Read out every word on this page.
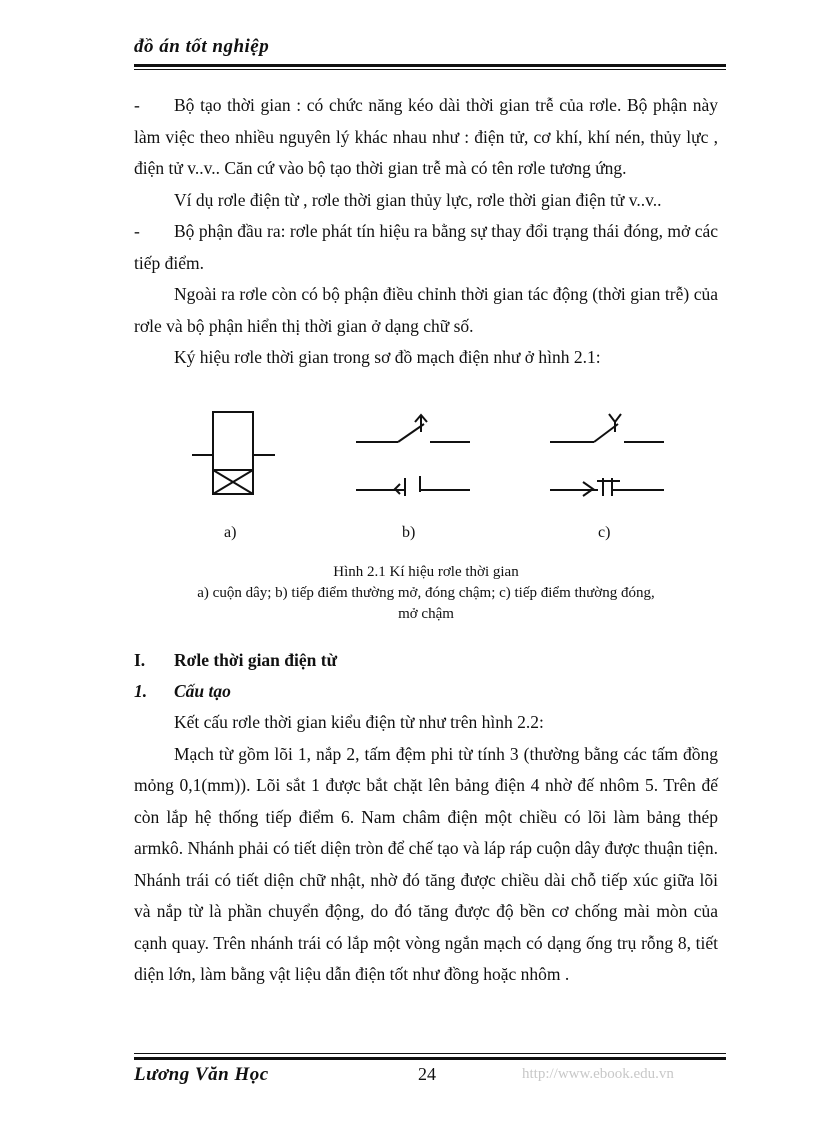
đồ án tốt nghiệp

- Bộ tạo thời gian : có chức năng kéo dài thời gian trễ của rơle. Bộ phận này làm việc theo nhiều nguyên lý khác nhau như : điện tử, cơ khí, khí nén, thủy lực , điện tử v..v.. Căn cứ vào bộ tạo thời gian trễ mà có tên rơle tương ứng.

Ví dụ rơle điện từ , rơle thời gian thủy lực, rơle thời gian điện tử v..v..

- Bộ phận đầu ra: rơle phát tín hiệu ra bằng sự thay đổi trạng thái đóng, mở các tiếp điểm.

Ngoài ra rơle còn có bộ phận điều chỉnh thời gian tác động (thời gian trễ) của rơle và bộ phận hiển thị thời gian ở dạng chữ số.

Ký hiệu rơle thời gian trong sơ đồ mạch điện như ở hình 2.1:

a)	b)	c)
Hình 2.1 Kí hiệu rơle thời gian
a) cuộn dây; b) tiếp điểm thường mở, đóng chậm; c) tiếp điểm thường đóng, mở chậm
I. Rơle thời gian điện từ
1. Cấu tạo

Kết cấu rơle thời gian kiểu điện từ như trên hình 2.2:

Mạch từ gồm lõi 1, nắp 2, tấm đệm phi từ tính 3 (thường bằng các tấm đồng mỏng 0,1(mm)). Lõi sắt 1 được bắt chặt lên bảng điện 4 nhờ đế nhôm 5. Trên đế còn lắp hệ thống tiếp điểm 6. Nam châm điện một chiều có lõi làm bảng thép armkô. Nhánh phải có tiết diện tròn để chế tạo và láp ráp cuộn dây được thuận tiện. Nhánh trái có tiết diện chữ nhật, nhờ đó tăng được chiều dài chỗ tiếp xúc giữa lõi và nắp từ là phần chuyển động, do đó tăng được độ bền cơ chống mài mòn của cạnh quay. Trên nhánh trái có lắp một vòng ngắn mạch có dạng ống trụ rỗng 8, tiết diện lớn, làm bằng vật liệu dẫn điện tốt như đồng hoặc nhôm .

Lương Văn Học	24	http://www.ebook.edu.vn
